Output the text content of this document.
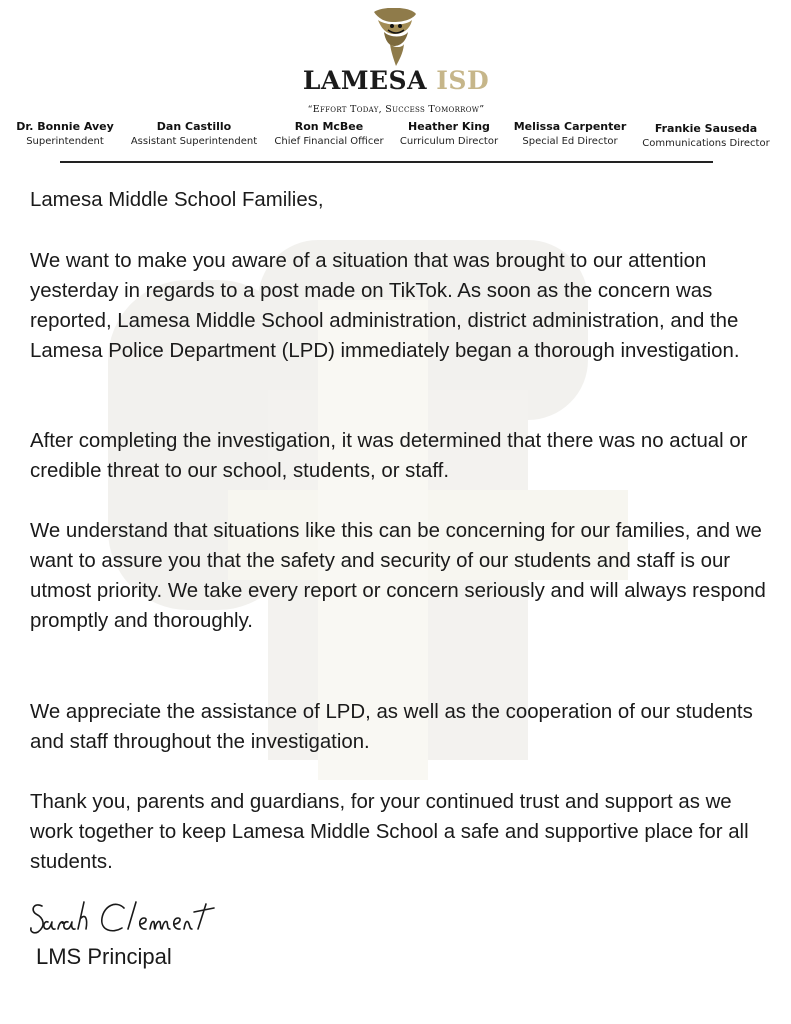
LAMESA ISD
“Effort Today, Success Tomorrow”
Dr. Bonnie Avey
Superintendent
Dan Castillo
Assistant Superintendent
Ron McBee
Chief Financial Officer
Heather King
Curriculum Director
Melissa Carpenter
Special Ed Director
Frankie Sauseda
Communications Director

Lamesa Middle School Families,

We want to make you aware of a situation that was brought to our attention yesterday in regards to a post made on TikTok. As soon as the concern was reported, Lamesa Middle School administration, district administration, and the Lamesa Police Department (LPD) immediately began a thorough investigation.

After completing the investigation, it was determined that there was no actual or credible threat to our school, students, or staff.

We understand that situations like this can be concerning for our families, and we want to assure you that the safety and security of our students and staff is our utmost priority. We take every report or concern seriously and will always respond promptly and thoroughly.

We appreciate the assistance of LPD, as well as the cooperation of our students and staff throughout the investigation.

Thank you, parents and guardians, for your continued trust and support as we work together to keep Lamesa Middle School a safe and supportive place for all students.

LMS Principal
